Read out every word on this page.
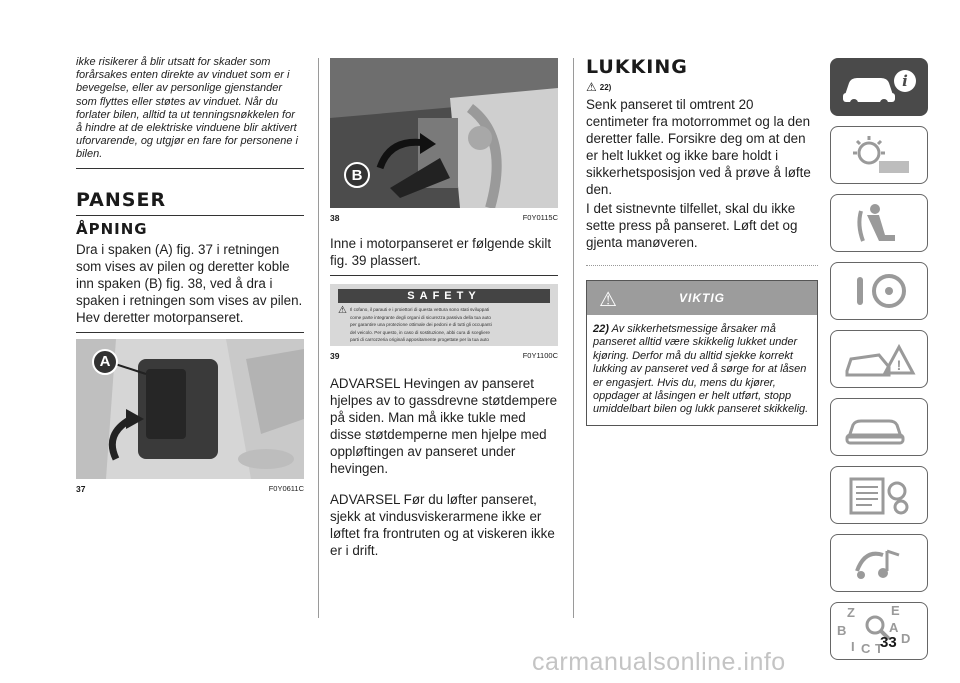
ikke risikerer å blir utsatt for skader som forårsakes enten direkte av vinduet som er i bevegelse, eller av personlige gjenstander som flyttes eller støtes av vinduet. Når du forlater bilen, alltid ta ut tenningsnøkkelen for å hindre at de elektriske vinduene blir aktivert uforvarende, og utgjør en fare for personene i bilen.

PANSER
ÅPNING

Dra i spaken (A) fig. 37 i retningen som vises av pilen og deretter koble inn spaken (B) fig. 38, ved å dra i spaken i retningen som vises av pilen. Hev deretter motorpanseret.

A
37	F0Y0611C
B
38	F0Y0115C

Inne i motorpanseret er følgende skilt fig. 39 plassert.

SAFETY
⚠ Il cofano, il parauti e i proiettori di questa vettura sono stati sviluppati
come parte integrante degli organi di sicurezza passiva della tua auto
per garantire una protezione ottimale dei pedoni e di tutti gli occupanti
del veicolo. Per questo, in caso di sostituzione, abbi cura di scegliere
parti di carrozzeria originali appositamente progettate per la tua auto
39	F0Y1100C

ADVARSEL Hevingen av panseret hjelpes av to gassdrevne støtdempere på siden. Man må ikke tukle med disse støtdemperne men hjelpe med oppløftingen av panseret under hevingen.

ADVARSEL Før du løfter panseret, sjekk at vindusviskerarmene ikke er løftet fra frontruten og at viskeren ikke er i drift.

LUKKING
⚠ 22)

Senk panseret til omtrent 20 centimeter fra motorrommet og la den deretter falle. Forsikre deg om at den er helt lukket og ikke bare holdt i sikkerhetsposisjon ved å prøve å løfte den.

I det sistnevnte tilfellet, skal du ikke sette press på panseret. Løft det og gjenta manøveren.

⚠	VIKTIG

22) Av sikkerhetsmessige årsaker må panseret alltid være skikkelig lukket under kjøring. Derfor må du alltid sjekke korrekt lukking av panseret ved å sørge for at låsen er engasjert. Hvis du, mens du kjører, oppdager at låsingen er helt utført, stopp umiddelbart bilen og lukk panseret skikkelig.

i
!
Z	E
B	A
I C T
D
33
carmanualsonline.info
